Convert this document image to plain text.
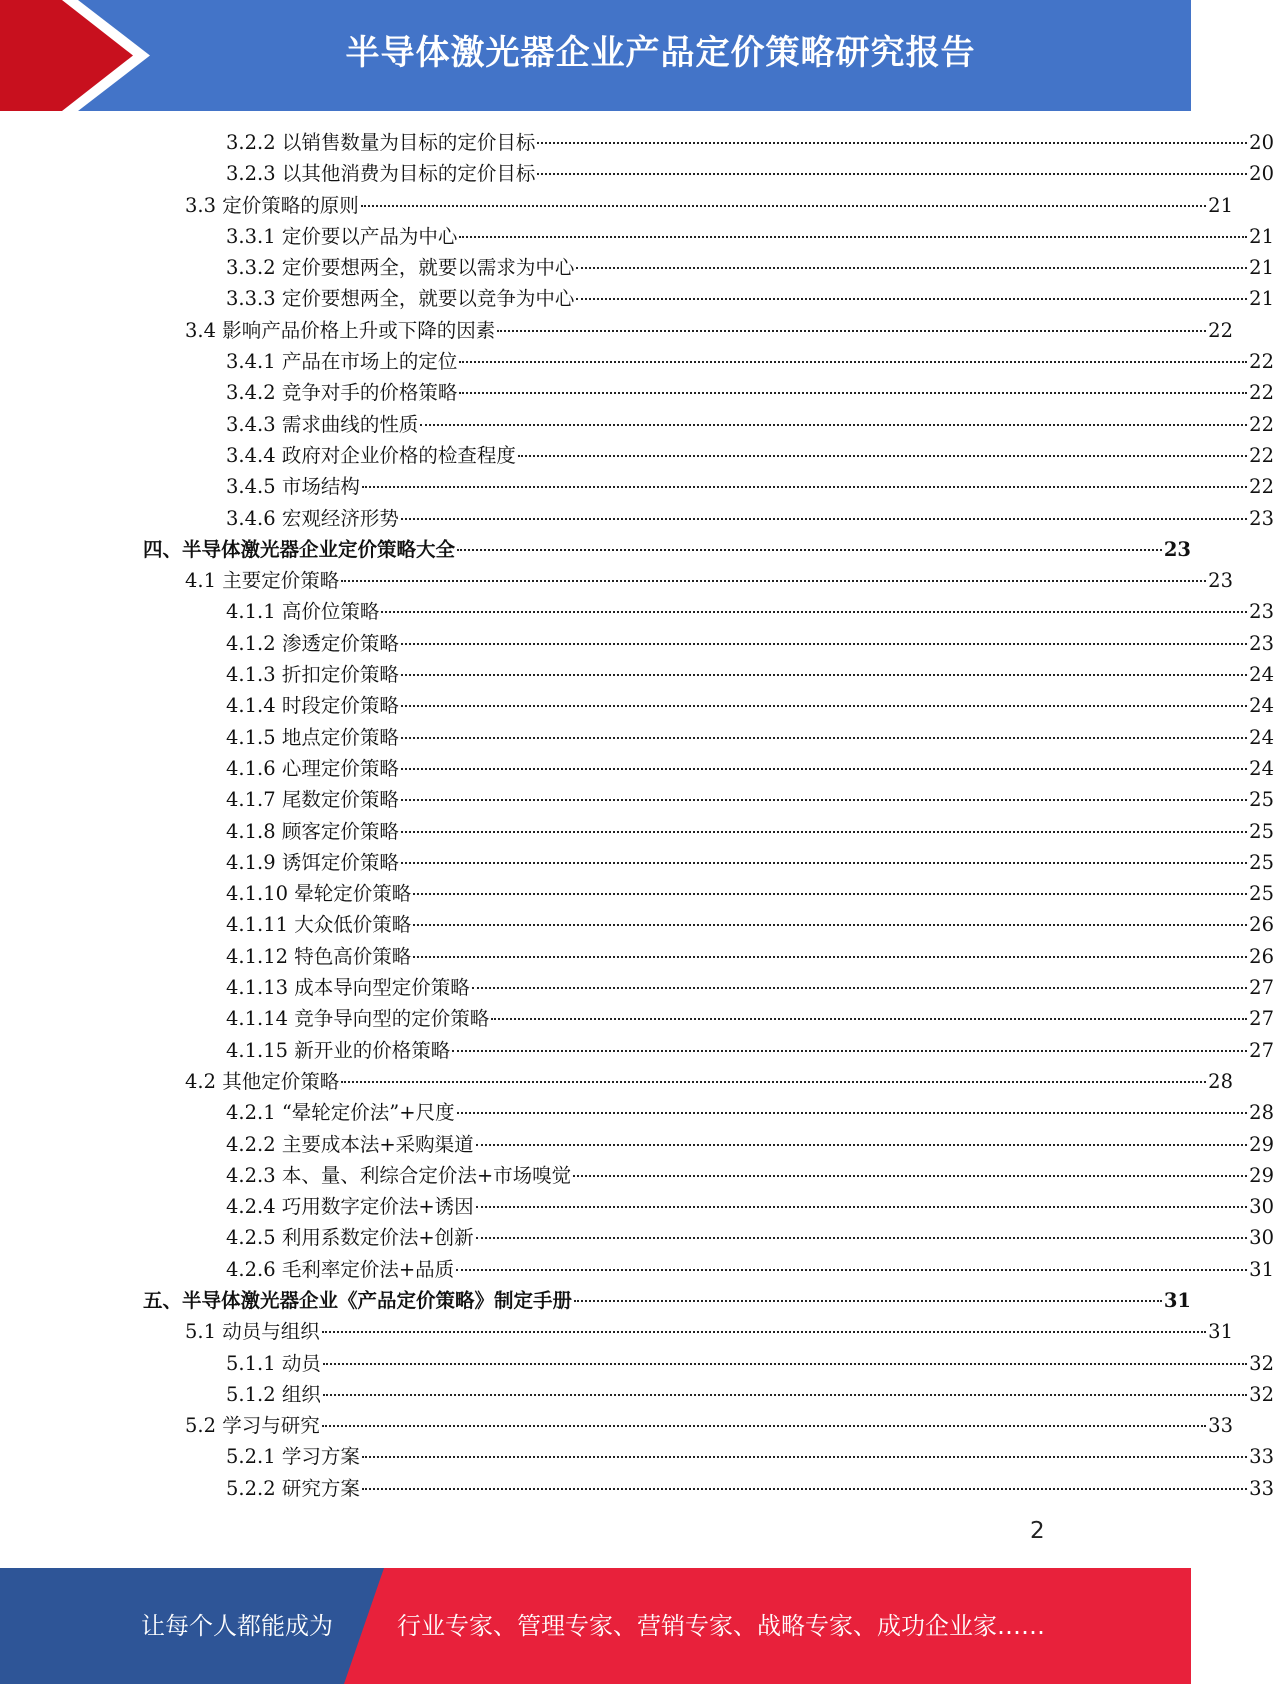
半导体激光器企业产品定价策略研究报告
3.2.2 以销售数量为目标的定价目标	20
3.2.3 以其他消费为目标的定价目标	20
3.3 定价策略的原则	21
3.3.1 定价要以产品为中心	21
3.3.2 定价要想两全，就要以需求为中心	21
3.3.3 定价要想两全，就要以竞争为中心	21
3.4 影响产品价格上升或下降的因素	22
3.4.1 产品在市场上的定位	22
3.4.2 竞争对手的价格策略	22
3.4.3 需求曲线的性质	22
3.4.4 政府对企业价格的检查程度	22
3.4.5 市场结构	22
3.4.6 宏观经济形势	23
四、半导体激光器企业定价策略大全	23
4.1 主要定价策略	23
4.1.1 高价位策略	23
4.1.2 渗透定价策略	23
4.1.3 折扣定价策略	24
4.1.4 时段定价策略	24
4.1.5 地点定价策略	24
4.1.6 心理定价策略	24
4.1.7 尾数定价策略	25
4.1.8 顾客定价策略	25
4.1.9 诱饵定价策略	25
4.1.10 晕轮定价策略	25
4.1.11 大众低价策略	26
4.1.12 特色高价策略	26
4.1.13 成本导向型定价策略	27
4.1.14 竞争导向型的定价策略	27
4.1.15 新开业的价格策略	27
4.2 其他定价策略	28
4.2.1 “晕轮定价法”+尺度	28
4.2.2 主要成本法+采购渠道	29
4.2.3 本、量、利综合定价法+市场嗅觉	29
4.2.4 巧用数字定价法+诱因	30
4.2.5 利用系数定价法+创新	30
4.2.6 毛利率定价法+品质	31
五、半导体激光器企业《产品定价策略》制定手册	31
5.1 动员与组织	31
5.1.1 动员	32
5.1.2 组织	32
5.2 学习与研究	33
5.2.1 学习方案	33
5.2.2 研究方案	33
2
让每个人都能成为	行业专家、管理专家、营销专家、战略专家、成功企业家……
